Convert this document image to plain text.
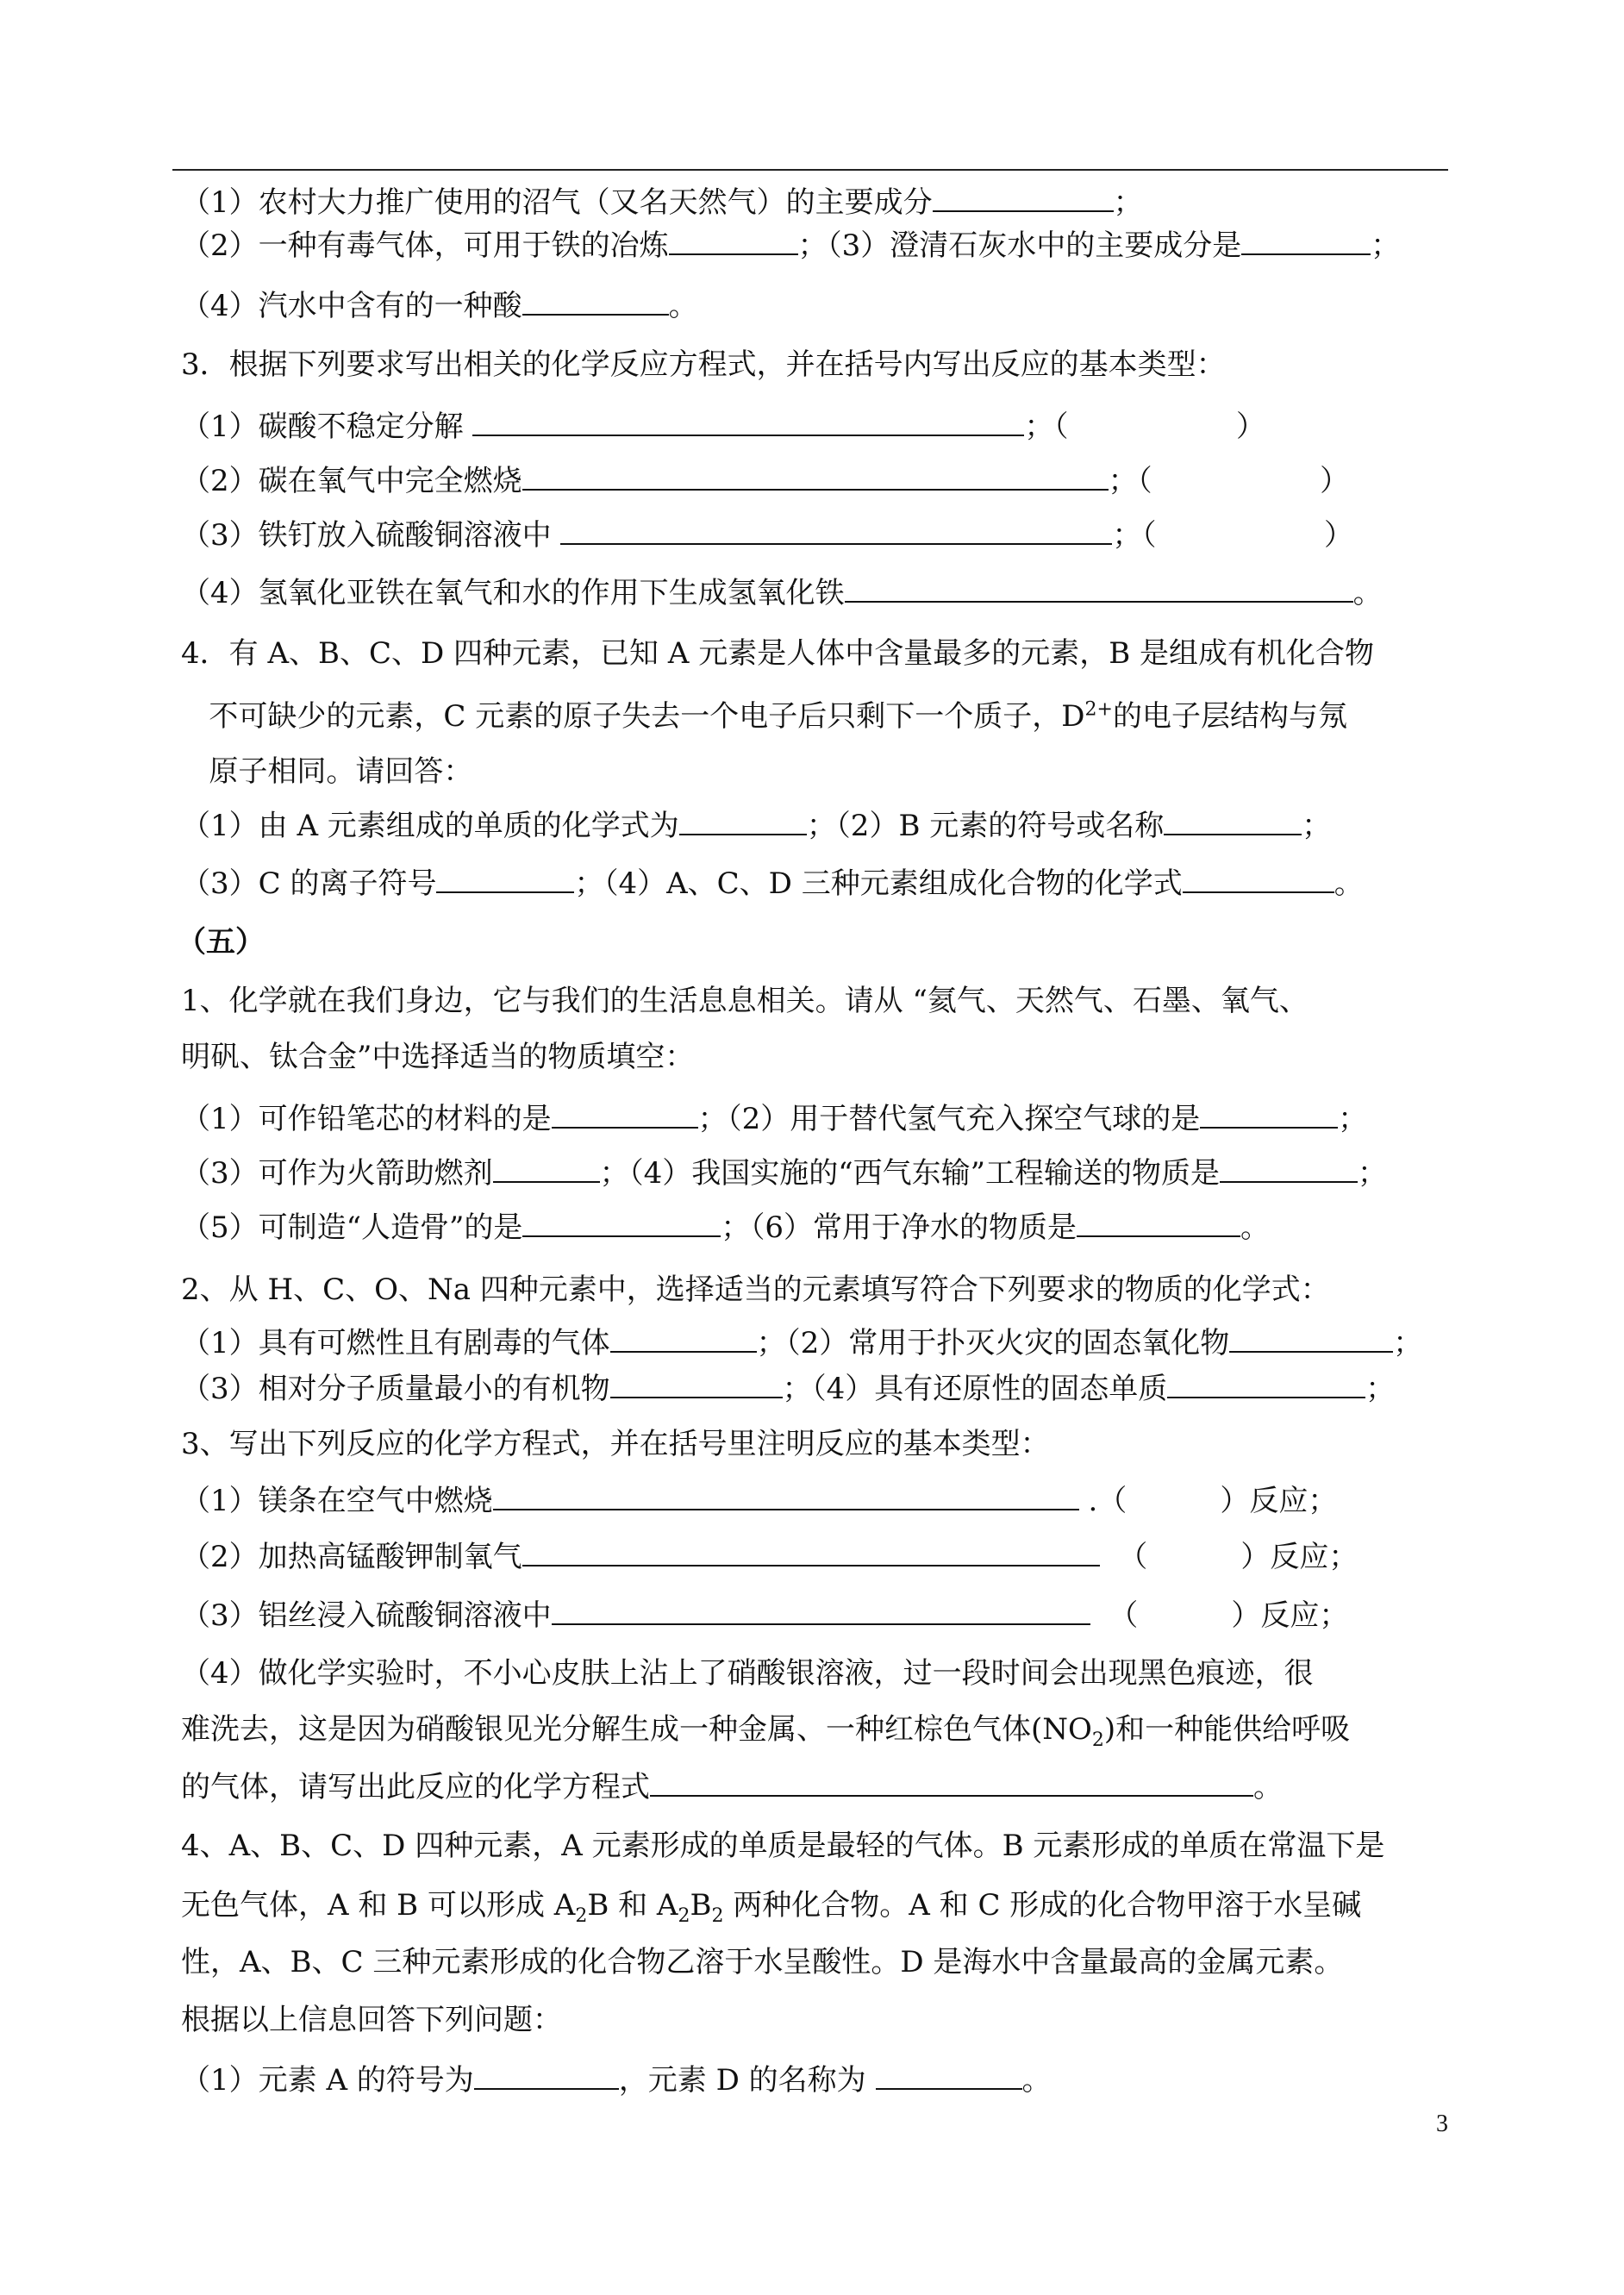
（1）农村大力推广使用的沼气（又名天然气）的主要成分	；
（2）一种有毒气体，可用于铁的冶炼	；（3）澄清石灰水中的主要成分是	；
（4）汽水中含有的一种酸	。
3．根据下列要求写出相关的化学反应方程式，并在括号内写出反应的基本类型：
（1）碳酸不稳定分解	；（                  ）
（2）碳在氧气中完全燃烧	；（                  ）
（3）铁钉放入硫酸铜溶液中	；（                  ）
（4）氢氧化亚铁在氧气和水的作用下生成氢氧化铁	。
4．有 A、B、C、D 四种元素，已知 A 元素是人体中含量最多的元素，B 是组成有机化合物
不可缺少的元素，C 元素的原子失去一个电子后只剩下一个质子，$D^{2+}$的电子层结构与氖
原子相同。请回答：
（1）由 A 元素组成的单质的化学式为	；（2）B 元素的符号或名称	；
（3）C 的离子符号	；（4）A、C、D 三种元素组成化合物的化学式	。
（五）
1、化学就在我们身边，它与我们的生活息息相关。请从 “氦气、天然气、石墨、氧气、
明矾、钛合金”中选择适当的物质填空：
（1）可作铅笔芯的材料的是	；（2）用于替代氢气充入探空气球的是	；
（3）可作为火箭助燃剂	；（4）我国实施的“西气东输”工程输送的物质是	；
（5）可制造“人造骨”的是	；（6）常用于净水的物质是	。
2、从 H、C、O、Na 四种元素中，选择适当的元素填写符合下列要求的物质的化学式：
（1）具有可燃性且有剧毒的气体	；（2）常用于扑灭火灾的固态氧化物	；
（3）相对分子质量最小的有机物	；（4）具有还原性的固态单质	；
3、写出下列反应的化学方程式，并在括号里注明反应的基本类型：
（1）镁条在空气中燃烧	.（          ）反应；
（2）加热高锰酸钾制氧气	（          ）反应；
（3）铝丝浸入硫酸铜溶液中	（          ）反应；
（4）做化学实验时，不小心皮肤上沾上了硝酸银溶液，过一段时间会出现黑色痕迹，很
难洗去，这是因为硝酸银见光分解生成一种金属、一种红棕色气体$(NO_2)$和一种能供给呼吸
的气体，请写出此反应的化学方程式	。
4、A、B、C、D 四种元素，A 元素形成的单质是最轻的气体。B 元素形成的单质在常温下是
无色气体，A 和 B 可以形成 $A_2B$ 和 $A_2B_2$ 两种化合物。A 和 C 形成的化合物甲溶于水呈碱
性，A、B、C 三种元素形成的化合物乙溶于水呈酸性。D 是海水中含量最高的金属元素。
根据以上信息回答下列问题：
（1）元素 A 的符号为	，元素 D 的名称为	。
3
